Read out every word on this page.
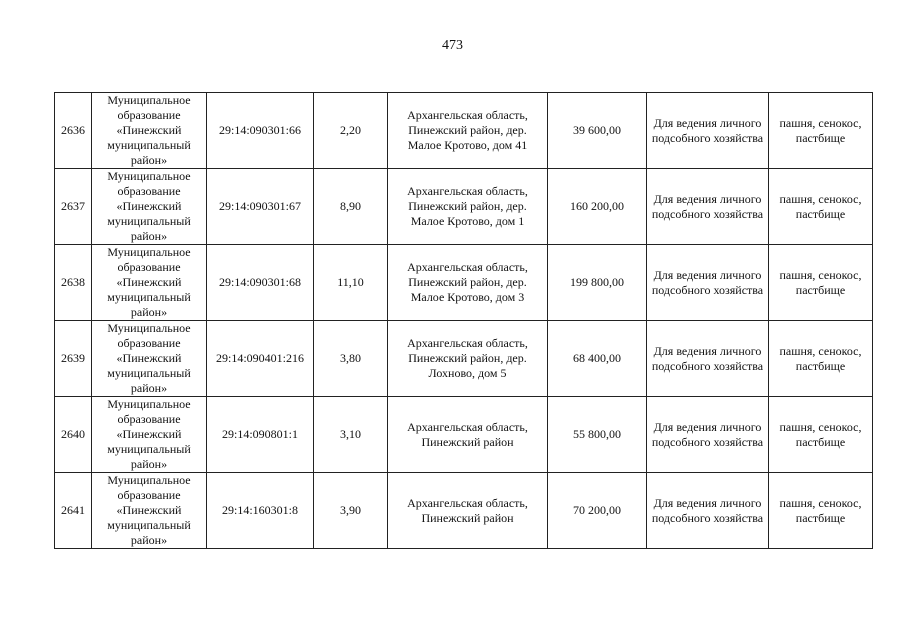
473
2636	Муниципальное образование «Пинежский муниципальный район»	29:14:090301:66	2,20	Архангельская область, Пинежский район, дер. Малое Кротово, дом 41	39 600,00	Для ведения личного подсобного хозяйства	пашня, сенокос, пастбище
2637	Муниципальное образование «Пинежский муниципальный район»	29:14:090301:67	8,90	Архангельская область, Пинежский район, дер. Малое Кротово, дом 1	160 200,00	Для ведения личного подсобного хозяйства	пашня, сенокос, пастбище
2638	Муниципальное образование «Пинежский муниципальный район»	29:14:090301:68	11,10	Архангельская область, Пинежский район, дер. Малое Кротово, дом 3	199 800,00	Для ведения личного подсобного хозяйства	пашня, сенокос, пастбище
2639	Муниципальное образование «Пинежский муниципальный район»	29:14:090401:216	3,80	Архангельская область, Пинежский район, дер. Лохново, дом 5	68 400,00	Для ведения личного подсобного хозяйства	пашня, сенокос, пастбище
2640	Муниципальное образование «Пинежский муниципальный район»	29:14:090801:1	3,10	Архангельская область, Пинежский район	55 800,00	Для ведения личного подсобного хозяйства	пашня, сенокос, пастбище
2641	Муниципальное образование «Пинежский муниципальный район»	29:14:160301:8	3,90	Архангельская область, Пинежский район	70 200,00	Для ведения личного подсобного хозяйства	пашня, сенокос, пастбище
